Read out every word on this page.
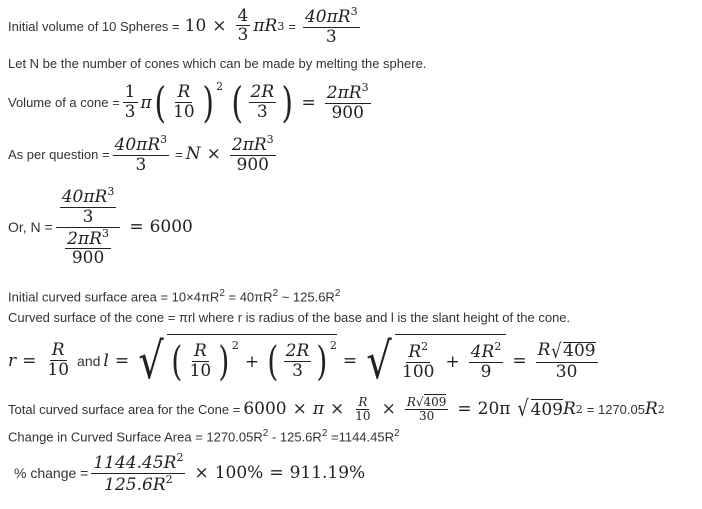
Initial volume of 10 Spheres = $10 \times \frac{4}{3}$ π R $3 = \frac{40\pi R^3}{3}$
Let N be the number of cones which can be made by melting the sphere.
Volume of a cone = $\frac{1}{3}$ π ( $\frac{R}{10} )^2$ ( $\frac{2R}{3}$ ) = $\frac{2\pi R^3}{900}$
As per question = $\frac{40\pi R^3}{3} = N \times \frac{2\pi R^3}{900}$
Or, $N = \frac{\frac{40\pi R^3}{3}}{\frac{2\pi R^3}{900}} = 6000$
Initial curved surface area = $10\times 4\pi R^2 = 40\pi R^2$ ~ $125.6R^2$
Curved surface of the cone = πrl where r is radius of the base and l is the slant height of the cone.
$r = \frac{R}{10}$ and l = √ ( $\frac{R}{10} )^2$
+ ( $\frac{2R}{3} )^2$
= √ $\frac{R^2}{100} + \frac{4R^2}{9} = \frac{R √ 409}{30}$
Total curved surface area for the Cone = $6000 \times \pi \times \frac{R}{10} \times \frac{R√409}{30} = 20\pi$ √ 409 R 2 = 1270.05 R 2
Change in Curved Surface Area = $1270.05R^2 - 125.6R^2 =1144.45R^2$
% change = $\frac{1144.45R^2}{125.6R^2} \times 100\% = 911.19\%$
